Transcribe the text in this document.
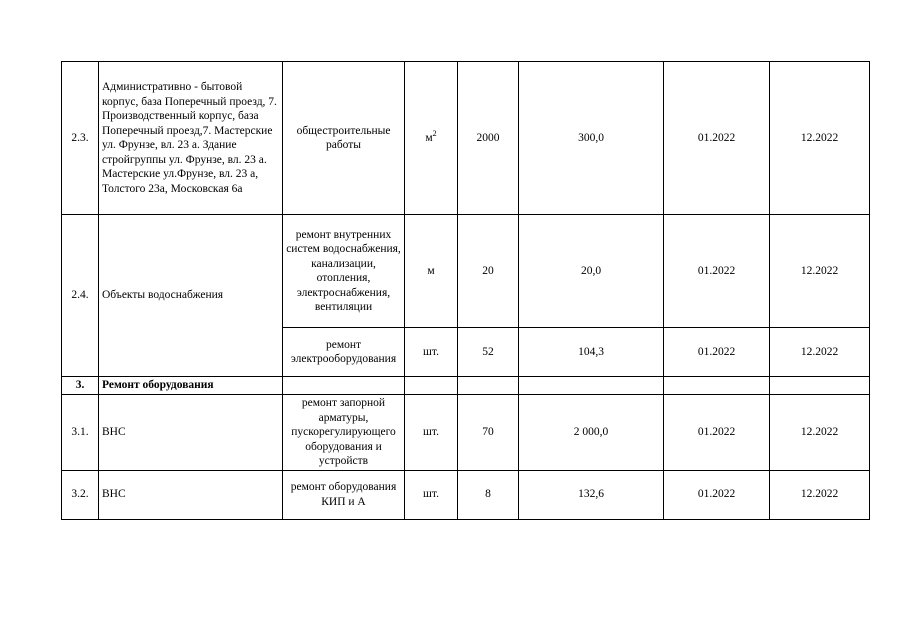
2.3.	Административно - бытовой корпус, база Поперечный проезд, 7. Производственный корпус, база Поперечный проезд,7. Мастерские ул. Фрунзе, вл. 23 а. Здание стройгруппы ул. Фрунзе, вл. 23 а. Мастерские ул.Фрунзе, вл. 23 а, Толстого 23а, Московская 6а	общестроительные работы	$м^2$	2000	300,0	01.2022	12.2022
2.4.	Объекты водоснабжения	ремонт внутренних систем водоснабжения, канализации, отопления, электроснабжения, вентиляции	м	20	20,0	01.2022	12.2022
		ремонт электрооборудования	шт.	52	104,3	01.2022	12.2022
3.	Ремонт оборудования						
3.1.	ВНС	ремонт запорной арматуры, пускорегулирующего оборудования и устройств	шт.	70	2 000,0	01.2022	12.2022
3.2.	ВНС	ремонт оборудования КИП и А	шт.	8	132,6	01.2022	12.2022
